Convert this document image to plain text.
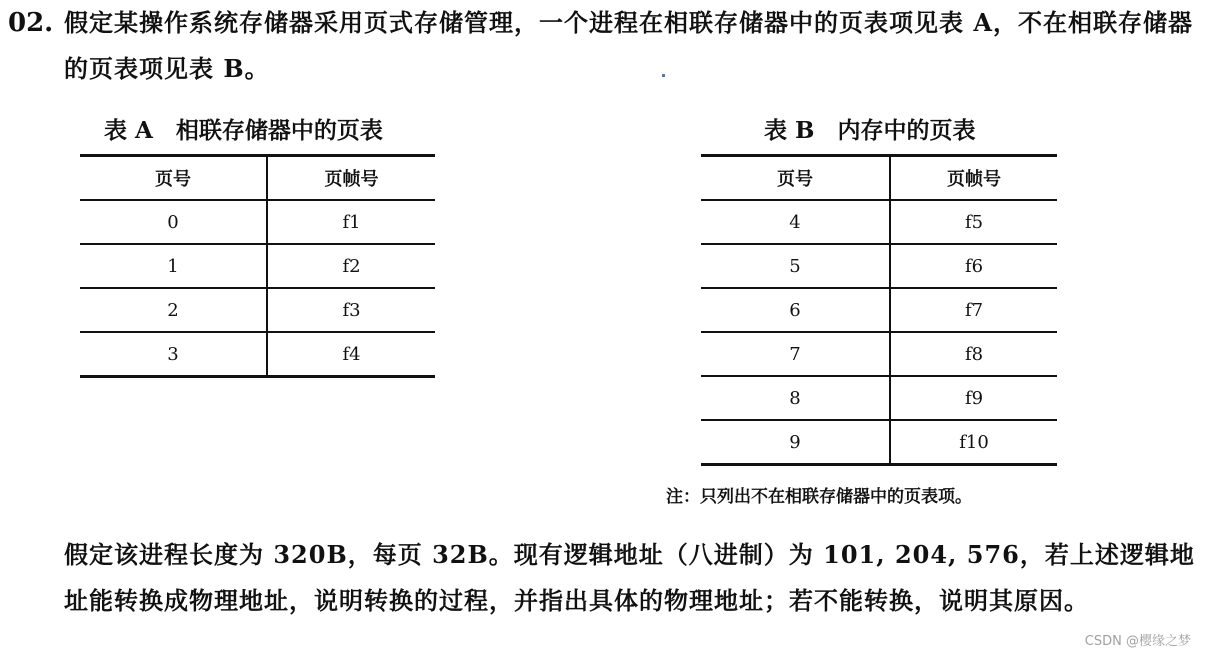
02. 假定某操作系统存储器采用页式存储管理，一个进程在相联存储器中的页表项见表 A，不在相联存储器的页表项见表 B。
表 A　相联存储器中的页表
页号	页帧号
0	f1
1	f2
2	f3
3	f4
表 B　内存中的页表
页号	页帧号
4	f5
5	f6
6	f7
7	f8
8	f9
9	f10
注：只列出不在相联存储器中的页表项。
假定该进程长度为 320B，每页 32B。现有逻辑地址（八进制）为 101, 204, 576，若上述逻辑地址能转换成物理地址，说明转换的过程，并指出具体的物理地址；若不能转换，说明其原因。
CSDN @樱缘之梦
